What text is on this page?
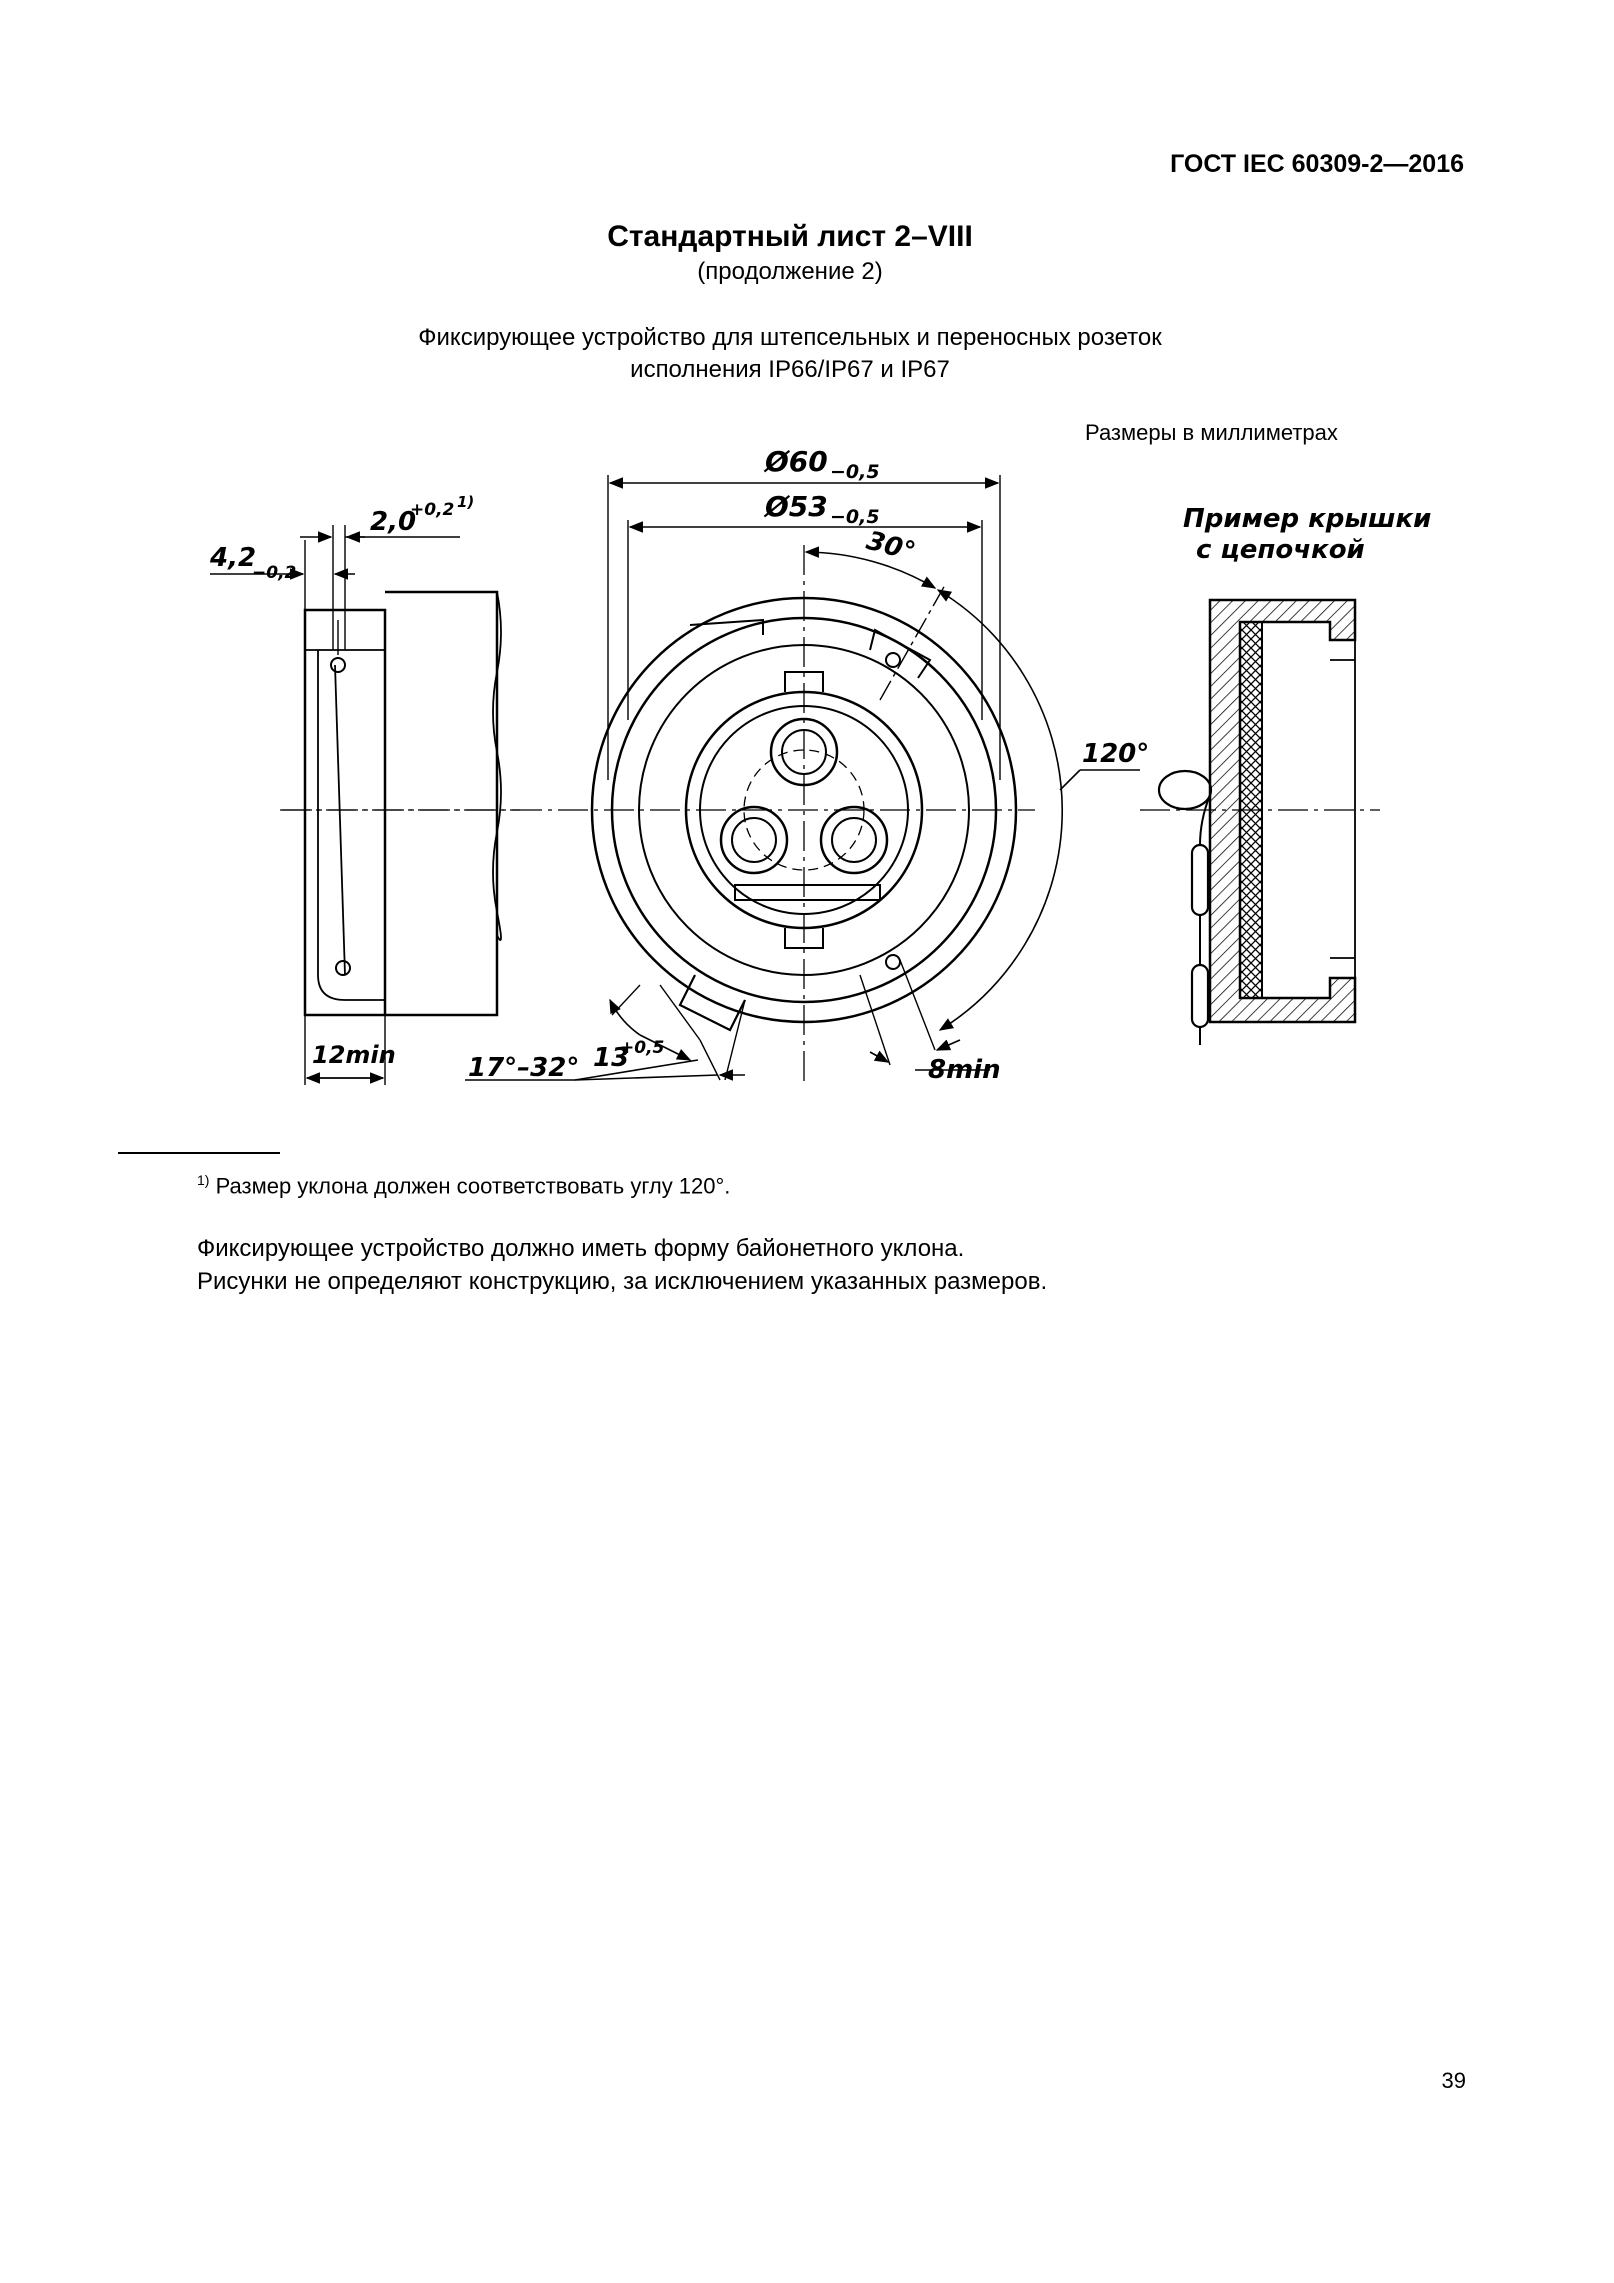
ГОСТ IEC 60309-2—2016
Стандартный лист 2–VIII
(продолжение 2)
Фиксирующее устройство для штепсельных и переносных розеток
исполнения IP66/IP67 и IP67
Размеры в миллиметрах
4,2
−0,2
2,0
+0,2 1)
12min
Ø60 −0,5
Ø53 −0,5
30°
120°
8min
17°–32° 13
+0,5
Пример крышки
с цепочкой
$^{1)}$ Размер уклона должен соответствовать углу 120°.
Фиксирующее устройство должно иметь форму байонетного уклона.
Рисунки не определяют конструкцию, за исключением указанных размеров.
39
